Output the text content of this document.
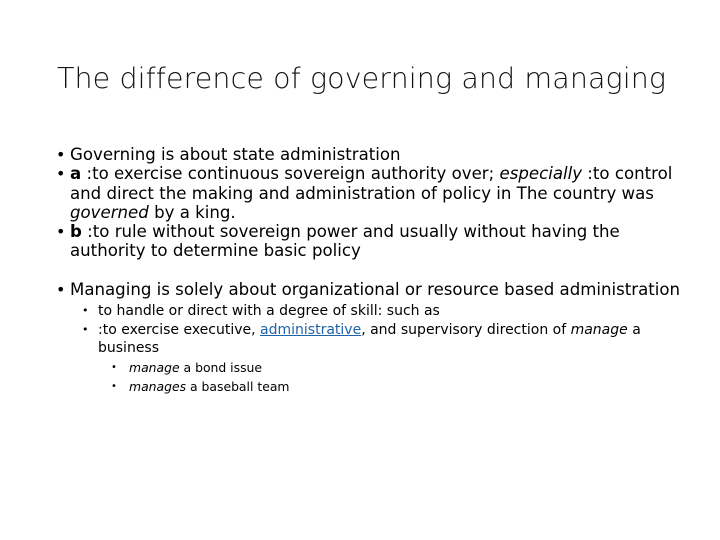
The difference of governing and managing
• Governing is about state administration
• a :to exercise continuous sovereign authority over; especially :to control and direct the making and administration of policy in The country was governed by a king.
• b :to rule without sovereign power and usually without having the authority to determine basic policy
• Managing is solely about organizational or resource based administration
• to handle or direct with a degree of skill: such as
• :to exercise executive, administrative, and supervisory direction of manage a business
• manage a bond issue
• manages a baseball team
